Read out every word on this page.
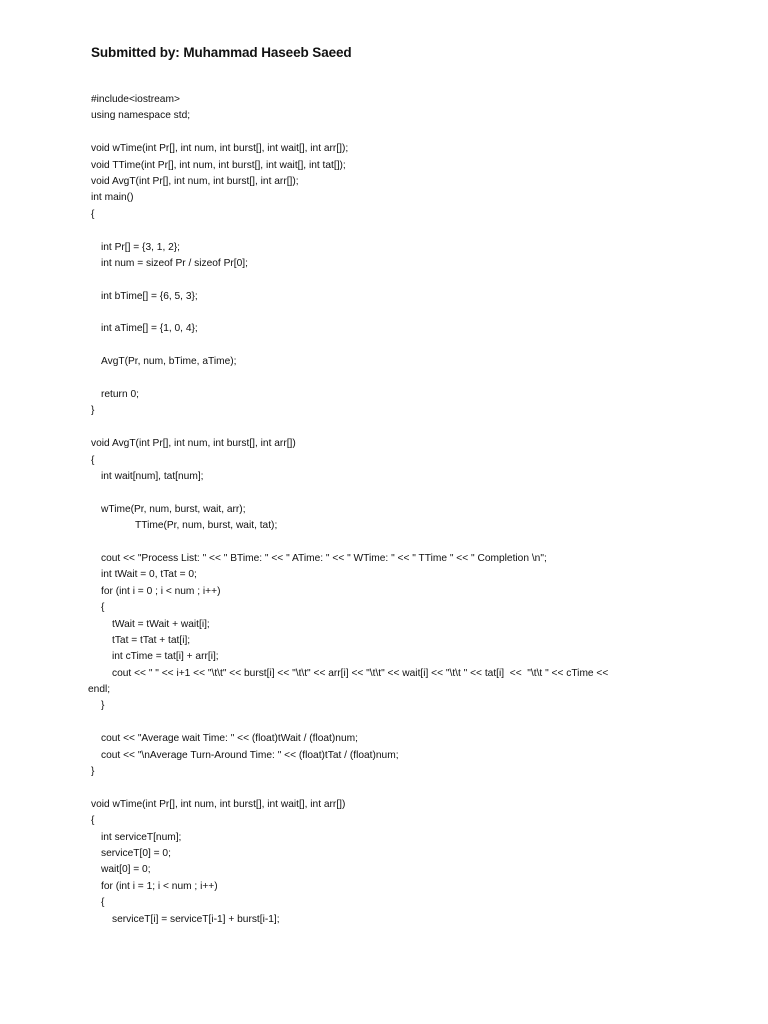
Submitted by: Muhammad Haseeb Saeed
#include<iostream>
using namespace std;
void wTime(int Pr[], int num, int burst[], int wait[], int arr[]);
void TTime(int Pr[], int num, int burst[], int wait[], int tat[]);
void AvgT(int Pr[], int num, int burst[], int arr[]);
int main()
{
int Pr[] = {3, 1, 2};
int num = sizeof Pr / sizeof Pr[0];
int bTime[] = {6, 5, 3};
int aTime[] = {1, 0, 4};
AvgT(Pr, num, bTime, aTime);
return 0;
}
void AvgT(int Pr[], int num, int burst[], int arr[])
{
int wait[num], tat[num];
wTime(Pr, num, burst, wait, arr);
TTime(Pr, num, burst, wait, tat);
cout << "Process List: " << " BTime: " << " ATime: " << " WTime: " << " TTime " << " Completion \n";
int tWait = 0, tTat = 0;
for (int i = 0 ; i < num ; i++)
{
tWait = tWait + wait[i];
tTat = tTat + tat[i];
int cTime = tat[i] + arr[i];
cout << " " << i+1 << "\t\t" << burst[i] << "\t\t" << arr[i] << "\t\t" << wait[i] << "\t\t " << tat[i]  <<  "\t\t " << cTime <<
endl;
}
cout << "Average wait Time: " << (float)tWait / (float)num;
cout << "\nAverage Turn-Around Time: " << (float)tTat / (float)num;
}
void wTime(int Pr[], int num, int burst[], int wait[], int arr[])
{
int serviceT[num];
serviceT[0] = 0;
wait[0] = 0;
for (int i = 1; i < num ; i++)
{
serviceT[i] = serviceT[i-1] + burst[i-1];
